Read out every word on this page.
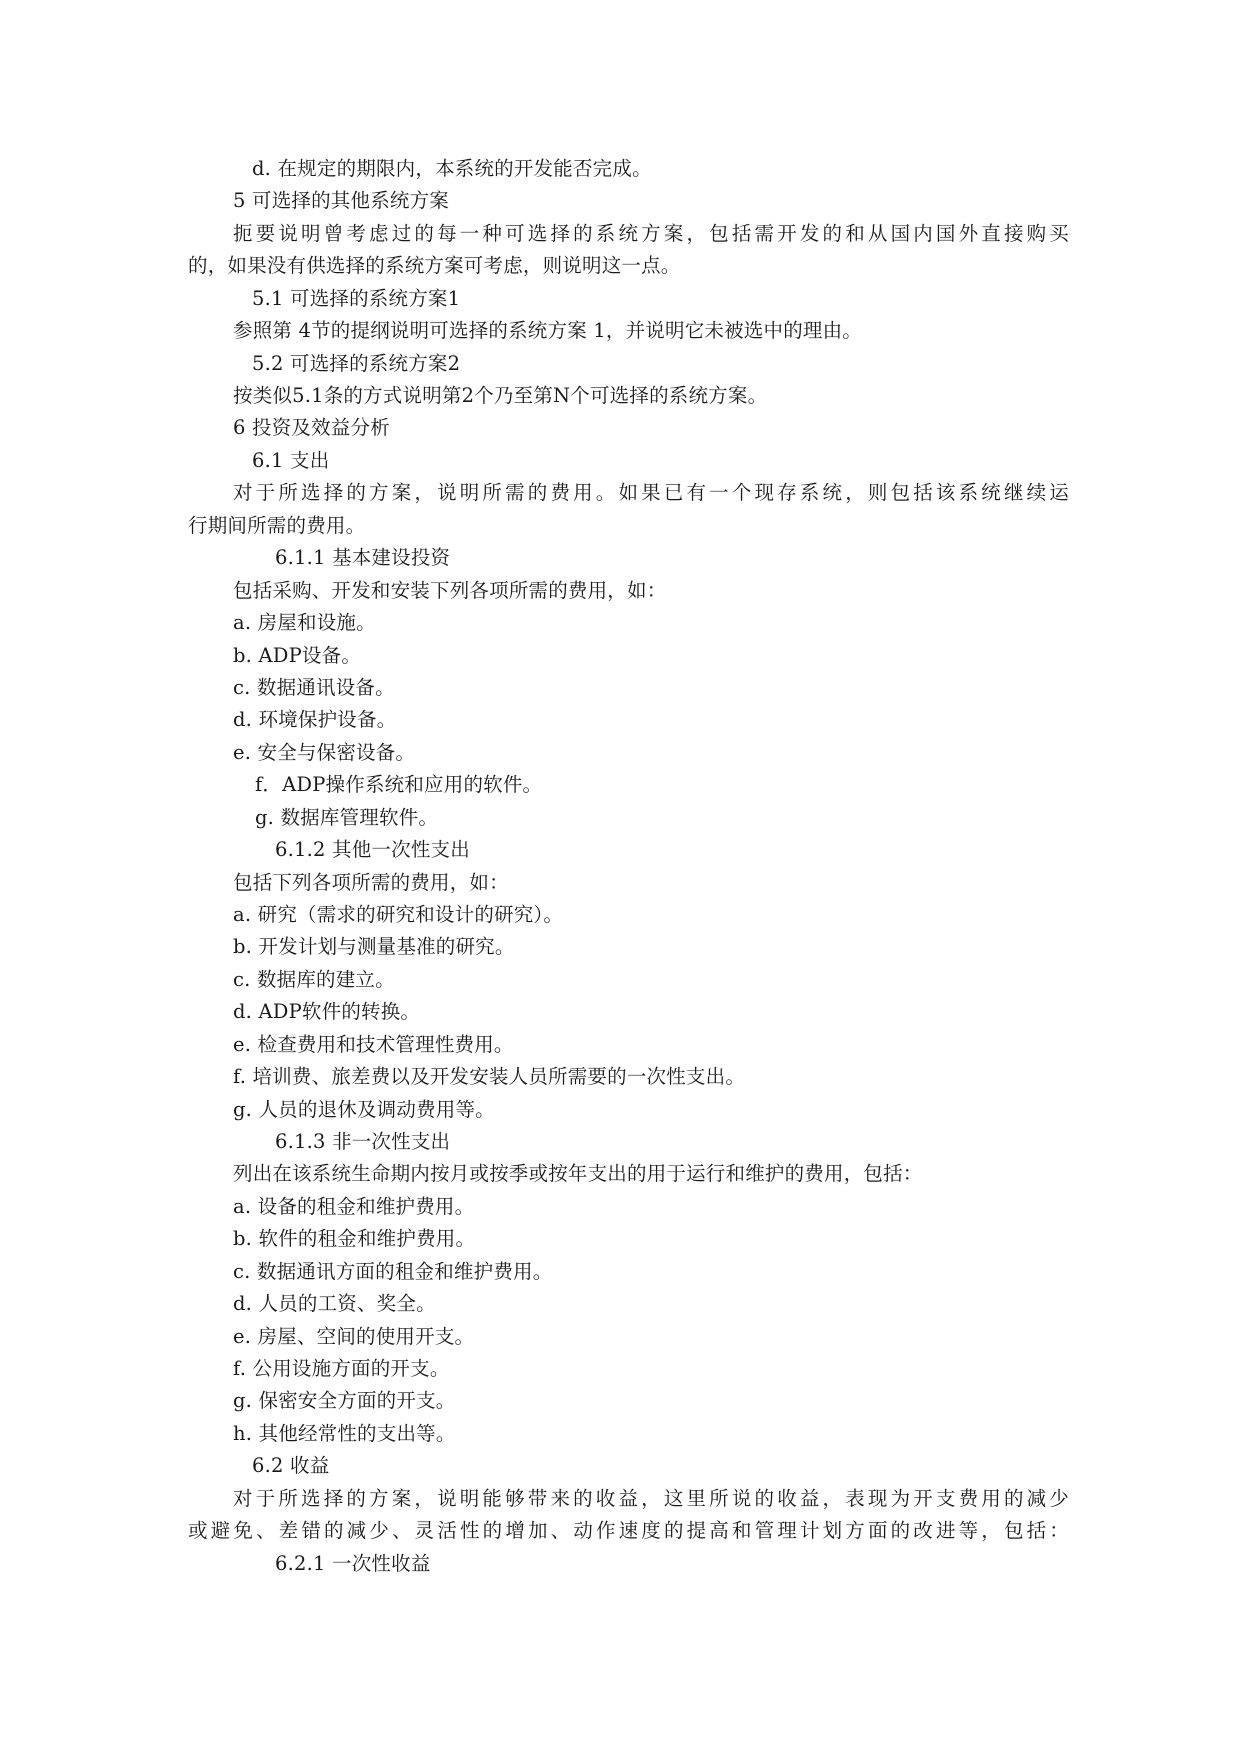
d. 在规定的期限内，本系统的开发能否完成。
5 可选择的其他系统方案
扼要说明曾考虑过的每一种可选择的系统方案，包括需开发的和从国内国外直接购买
的，如果没有供选择的系统方案可考虑，则说明这一点。
5.1 可选择的系统方案1
参照第 4节的提纲说明可选择的系统方案 1，并说明它未被选中的理由。
5.2 可选择的系统方案2
按类似5.1条的方式说明第2个乃至第N个可选择的系统方案。
6 投资及效益分析
6.1 支出
对于所选择的方案，说明所需的费用。如果已有一个现存系统，则包括该系统继续运
行期间所需的费用。
6.1.1 基本建设投资
包括采购、开发和安装下列各项所需的费用，如：
a. 房屋和设施。
b. ADP设备。
c. 数据通讯设备。
d. 环境保护设备。
e. 安全与保密设备。
f．ADP操作系统和应用的软件。
g. 数据库管理软件。
6.1.2 其他一次性支出
包括下列各项所需的费用，如：
a. 研究（需求的研究和设计的研究）。
b. 开发计划与测量基准的研究。
c. 数据库的建立。
d. ADP软件的转换。
e. 检查费用和技术管理性费用。
f. 培训费、旅差费以及开发安装人员所需要的一次性支出。
g. 人员的退休及调动费用等。
6.1.3 非一次性支出
列出在该系统生命期内按月或按季或按年支出的用于运行和维护的费用，包括：
a. 设备的租金和维护费用。
b. 软件的租金和维护费用。
c. 数据通讯方面的租金和维护费用。
d. 人员的工资、奖全。
e. 房屋、空间的使用开支。
f. 公用设施方面的开支。
g. 保密安全方面的开支。
h. 其他经常性的支出等。
6.2 收益
对于所选择的方案，说明能够带来的收益，这里所说的收益，表现为开支费用的减少
或避免、差错的减少、灵活性的增加、动作速度的提高和管理计划方面的改进等，包括：
6.2.1 一次性收益
